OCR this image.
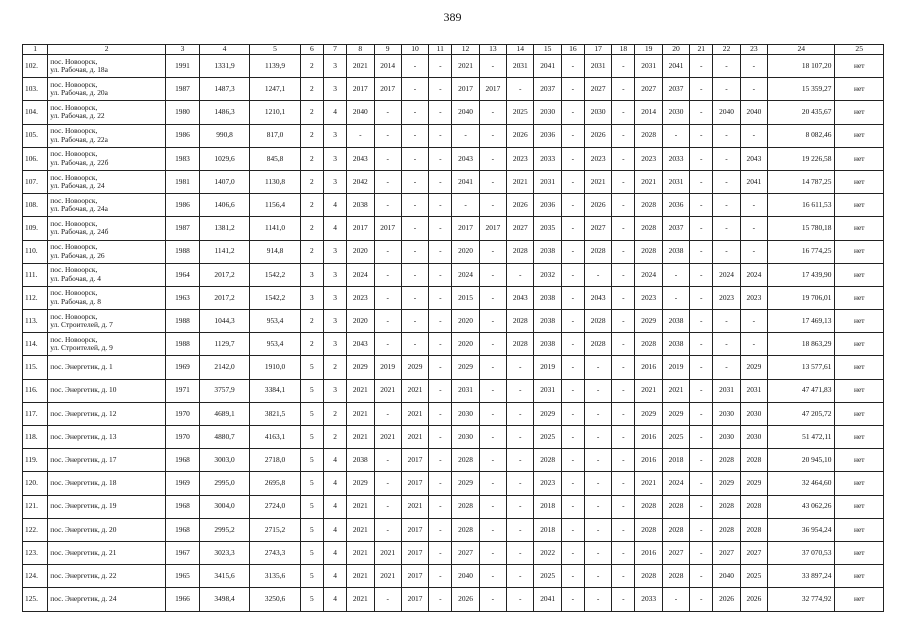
389
1	2	3	4	5	6	7	8	9	10	11	12	13	14	15	16	17	18	19	20	21	22	23	24	25
102.	пос. Новоорск,
ул. Рабочая, д. 18а	1991	1331,9	1139,9	2	3	2021	2014	-	-	2021	-	2031	2041	-	2031	-	2031	2041	-	-	-	18 107,20	нет
103.	пос. Новоорск,
ул. Рабочая, д. 20а	1987	1487,3	1247,1	2	3	2017	2017	-	-	2017	2017	-	2037	-	2027	-	2027	2037	-	-	-	15 359,27	нет
104.	пос. Новоорск,
ул. Рабочая, д. 22	1980	1486,3	1210,1	2	4	2040	-	-	-	2040	-	2025	2030	-	2030	-	2014	2030	-	2040	2040	20 435,67	нет
105.	пос. Новоорск,
ул. Рабочая, д. 22а	1986	990,8	817,0	2	3	-	-	-	-	-	-	2026	2036	-	2026	-	2028	-	-	-	-	8 082,46	нет
106.	пос. Новоорск,
ул. Рабочая, д. 22б	1983	1029,6	845,8	2	3	2043	-	-	-	2043	-	2023	2033	-	2023	-	2023	2033	-	-	2043	19 226,58	нет
107.	пос. Новоорск,
ул. Рабочая, д. 24	1981	1407,0	1130,8	2	3	2042	-	-	-	2041	-	2021	2031	-	2021	-	2021	2031	-	-	2041	14 787,25	нет
108.	пос. Новоорск,
ул. Рабочая, д. 24а	1986	1406,6	1156,4	2	4	2038	-	-	-	-	-	2026	2036	-	2026	-	2028	2036	-	-	-	16 611,53	нет
109.	пос. Новоорск,
ул. Рабочая, д. 24б	1987	1381,2	1141,0	2	4	2017	2017	-	-	2017	2017	2027	2035	-	2027	-	2028	2037	-	-	-	15 780,18	нет
110.	пос. Новоорск,
ул. Рабочая, д. 26	1988	1141,2	914,8	2	3	2020	-	-	-	2020	-	2028	2038	-	2028	-	2028	2038	-	-	-	16 774,25	нет
111.	пос. Новоорск,
ул. Рабочая, д. 4	1964	2017,2	1542,2	3	3	2024	-	-	-	2024	-	-	2032	-	-	-	2024	-	-	2024	2024	17 439,90	нет
112.	пос. Новоорск,
ул. Рабочая, д. 8	1963	2017,2	1542,2	3	3	2023	-	-	-	2015	-	2043	2038	-	2043	-	2023	-	-	2023	2023	19 706,01	нет
113.	пос. Новоорск,
ул. Строителей, д. 7	1988	1044,3	953,4	2	3	2020	-	-	-	2020	-	2028	2038	-	2028	-	2029	2038	-	-	-	17 469,13	нет
114.	пос. Новоорск,
ул. Строителей, д. 9	1988	1129,7	953,4	2	3	2043	-	-	-	2020	-	2028	2038	-	2028	-	2028	2038	-	-	-	18 863,29	нет
115.	пос. Энергетик, д. 1	1969	2142,0	1910,0	5	2	2029	2019	2029	-	2029	-	-	2019	-	-	-	2016	2019	-	-	2029	13 577,61	нет
116.	пос. Энергетик, д. 10	1971	3757,9	3384,1	5	3	2021	2021	2021	-	2031	-	-	2031	-	-	-	2021	2021	-	2031	2031	47 471,83	нет
117.	пос. Энергетик, д. 12	1970	4689,1	3821,5	5	2	2021	-	2021	-	2030	-	-	2029	-	-	-	2029	2029	-	2030	2030	47 205,72	нет
118.	пос. Энергетик, д. 13	1970	4880,7	4163,1	5	2	2021	2021	2021	-	2030	-	-	2025	-	-	-	2016	2025	-	2030	2030	51 472,11	нет
119.	пос. Энергетик, д. 17	1968	3003,0	2718,0	5	4	2038	-	2017	-	2028	-	-	2028	-	-	-	2016	2018	-	2028	2028	20 945,10	нет
120.	пос. Энергетик, д. 18	1969	2995,0	2695,8	5	4	2029	-	2017	-	2029	-	-	2023	-	-	-	2021	2024	-	2029	2029	32 464,60	нет
121.	пос. Энергетик, д. 19	1968	3004,0	2724,0	5	4	2021	-	2021	-	2028	-	-	2018	-	-	-	2028	2028	-	2028	2028	43 062,26	нет
122.	пос. Энергетик, д. 20	1968	2995,2	2715,2	5	4	2021	-	2017	-	2028	-	-	2018	-	-	-	2028	2028	-	2028	2028	36 954,24	нет
123.	пос. Энергетик, д. 21	1967	3023,3	2743,3	5	4	2021	2021	2017	-	2027	-	-	2022	-	-	-	2016	2027	-	2027	2027	37 070,53	нет
124.	пос. Энергетик, д. 22	1965	3415,6	3135,6	5	4	2021	2021	2017	-	2040	-	-	2025	-	-	-	2028	2028	-	2040	2025	33 897,24	нет
125.	пос. Энергетик, д. 24	1966	3498,4	3250,6	5	4	2021	-	2017	-	2026	-	-	2041	-	-	-	2033	-	-	2026	2026	32 774,92	нет
